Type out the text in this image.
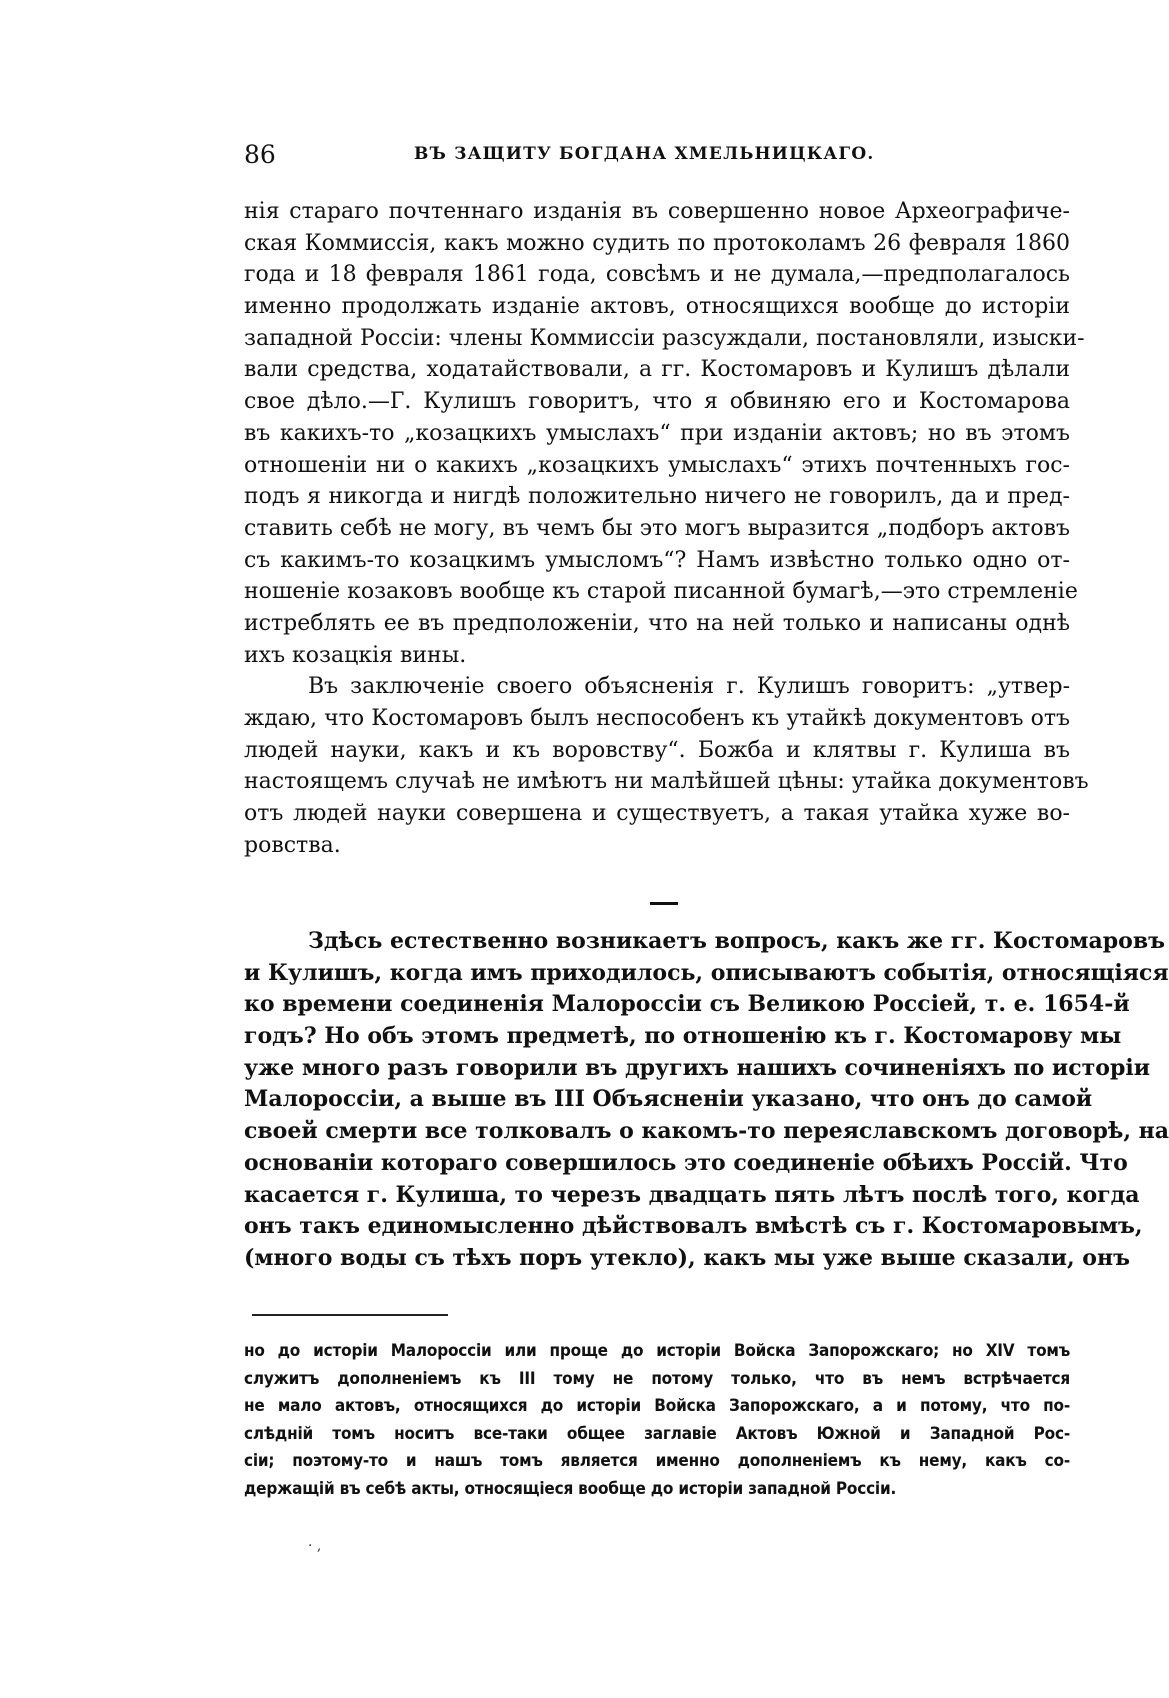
86	ВЪ ЗАЩИТУ БОГДАНА ХМЕЛЬНИЦКАГО.
нія стараго почтеннаго изданія въ совершенно новое Археографиче-
ская Коммиссія, какъ можно судить по протоколамъ 26 февраля 1860
года и 18 февраля 1861 года, совсѣмъ и не думала,—предполагалось
именно продолжать изданіе актовъ, относящихся вообще до исторіи
западной Россіи: члены Коммиссіи разсуждали, постановляли, изыски-
вали средства, ходатайствовали, а гг. Костомаровъ и Кулишъ дѣлали
свое дѣло.—Г. Кулишъ говоритъ, что я обвиняю его и Костомарова
въ какихъ-то „козацкихъ умыслахъ“ при изданіи актовъ; но въ этомъ
отношеніи ни о какихъ „козацкихъ умыслахъ“ этихъ почтенныхъ гос-
подъ я никогда и нигдѣ положительно ничего не говорилъ, да и пред-
ставить себѣ не могу, въ чемъ бы это могъ выразится „подборъ актовъ
съ какимъ-то козацкимъ умысломъ“? Намъ извѣстно только одно от-
ношеніе козаковъ вообще къ старой писанной бумагѣ,—это стремленіе
истреблять ее въ предположеніи, что на ней только и написаны однѣ
ихъ козацкія вины.
Въ заключеніе своего объясненія г. Кулишъ говоритъ: „утвер-
ждаю, что Костомаровъ былъ неспособенъ къ утайкѣ документовъ отъ
людей науки, какъ и къ воровству“. Божба и клятвы г. Кулиша въ
настоящемъ случаѣ не имѣютъ ни малѣйшей цѣны: утайка документовъ
отъ людей науки совершена и существуетъ, а такая утайка хуже во-
ровства.
Здѣсь естественно возникаетъ вопросъ, какъ же гг. Костомаровъ
и Кулишъ, когда имъ приходилось, описываютъ событія, относящіяся
ко времени соединенія Малороссіи съ Великою Россіей, т. е. 1654-й
годъ? Но объ этомъ предметѣ, по отношенію къ г. Костомарову мы
уже много разъ говорили въ другихъ нашихъ сочиненіяхъ по исторіи
Малороссіи, а выше въ III Объясненіи указано, что онъ до самой
своей смерти все толковалъ о какомъ-то переяславскомъ договорѣ, на
основаніи котораго совершилось это соединеніе обѣихъ Россій. Что
касается г. Кулиша, то черезъ двадцать пять лѣтъ послѣ того, когда
онъ такъ единомысленно дѣйствовалъ вмѣстѣ съ г. Костомаровымъ,
(много воды съ тѣхъ поръ утекло), какъ мы уже выше сказали, онъ
но до исторіи Малороссіи или проще до исторіи Войска Запорожскаго; но XIV томъ
служитъ дополненіемъ къ III тому не потому только, что въ немъ встрѣчается
не мало актовъ, относящихся до исторіи Войска Запорожскаго, а и потому, что по-
слѣдній томъ носитъ все-таки общее заглавіе Актовъ Южной и Западной Рос-
сіи; поэтому-то и нашъ томъ является именно дополненіемъ къ нему, какъ со-
держащій въ себѣ акты, относящіеся вообще до исторіи западной Россіи.
· ,
